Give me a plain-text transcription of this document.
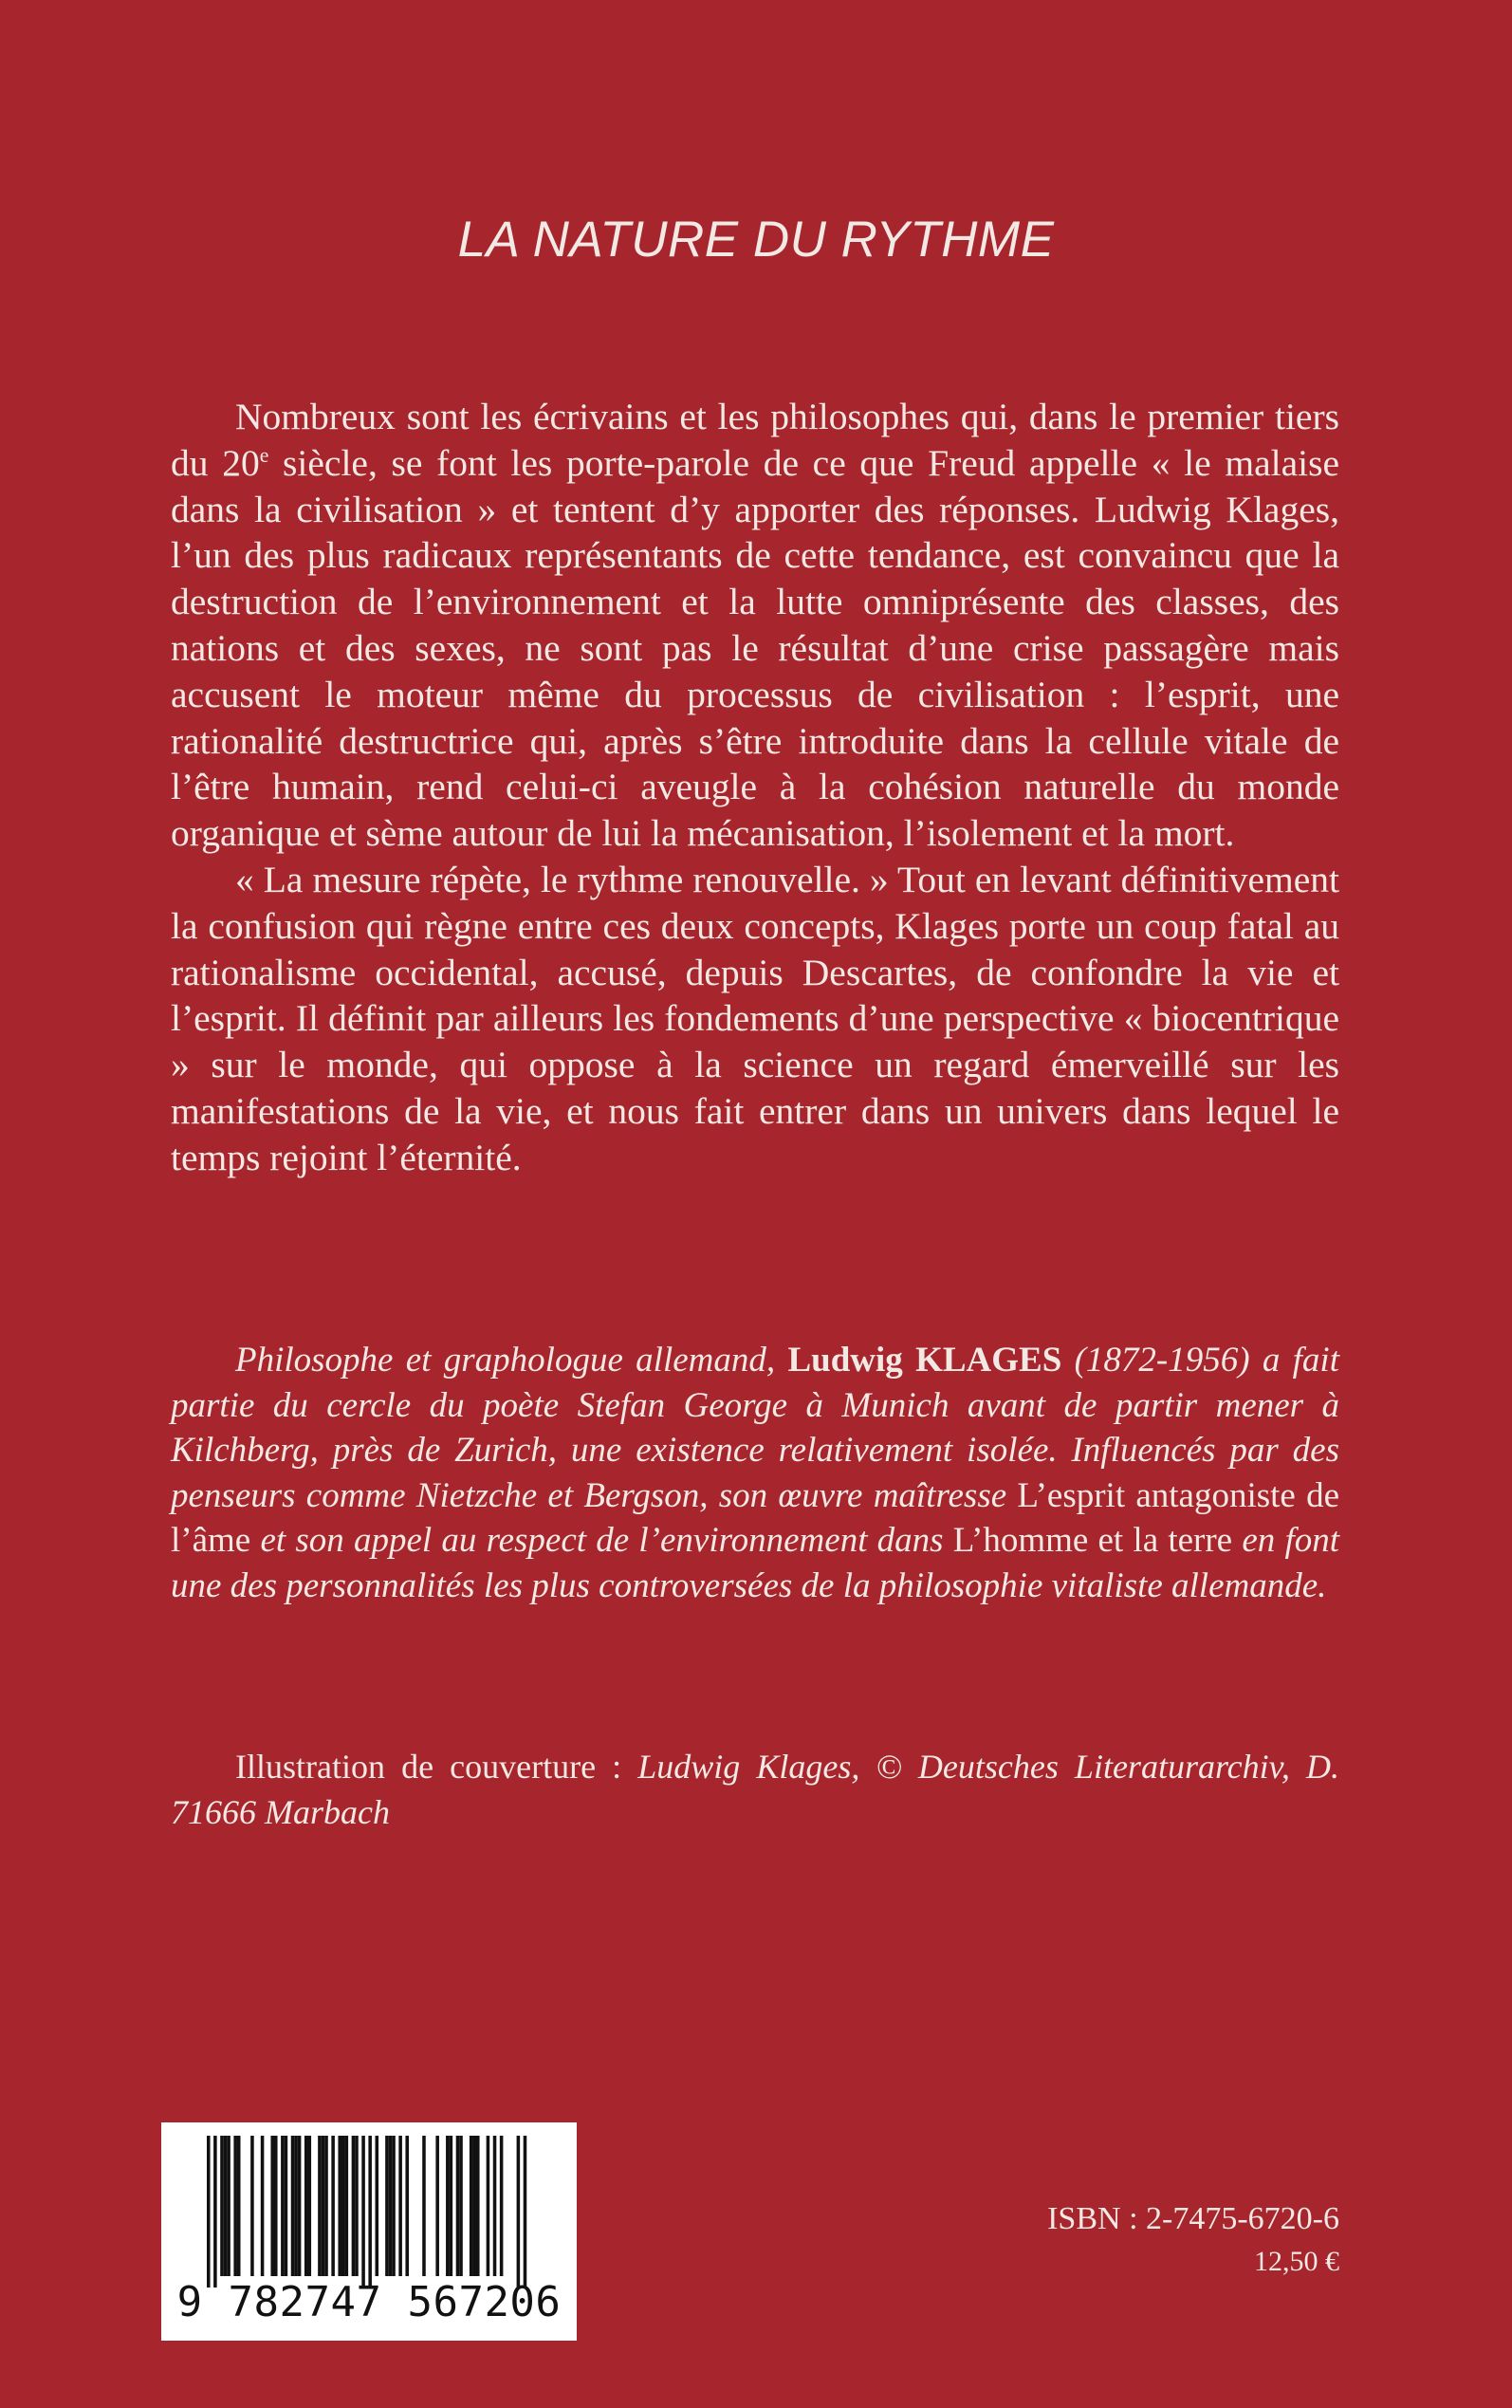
LA NATURE DU RYTHME

Nombreux sont les écrivains et les philosophes qui, dans le premier tiers du 20e siècle, se font les porte-parole de ce que Freud appelle « le malaise dans la civilisation » et tentent d’y apporter des réponses. Ludwig Klages, l’un des plus radicaux représentants de cette tendance, est convaincu que la destruction de l’environnement et la lutte omniprésente des classes, des nations et des sexes, ne sont pas le résultat d’une crise passagère mais accusent le moteur même du processus de civilisation : l’esprit, une rationalité destructrice qui, après s’être introduite dans la cellule vitale de l’être humain, rend celui-ci aveugle à la cohésion naturelle du monde organique et sème autour de lui la mécanisation, l’isolement et la mort.

« La mesure répète, le rythme renouvelle. » Tout en levant définitivement la confusion qui règne entre ces deux concepts, Klages porte un coup fatal au rationalisme occidental, accusé, depuis Descartes, de confondre la vie et l’esprit. Il définit par ailleurs les fondements d’une perspective « biocentrique » sur le monde, qui oppose à la science un regard émerveillé sur les manifestations de la vie, et nous fait entrer dans un univers dans lequel le temps rejoint l’éternité.

Philosophe et graphologue allemand, Ludwig KLAGES (1872-1956) a fait partie du cercle du poète Stefan George à Munich avant de partir mener à Kilchberg, près de Zurich, une existence relativement isolée. Influencés par des penseurs comme Nietzche et Bergson, son œuvre maîtresse L’esprit antagoniste de l’âme et son appel au respect de l’environnement dans L’homme et la terre en font une des personnalités les plus controversées de la philosophie vitaliste allemande.

Illustration de couverture : Ludwig Klages, © Deutsches Literaturarchiv, D. 71666 Marbach

9 782747 567206
ISBN : 2-7475-6720-6
12,50 €
